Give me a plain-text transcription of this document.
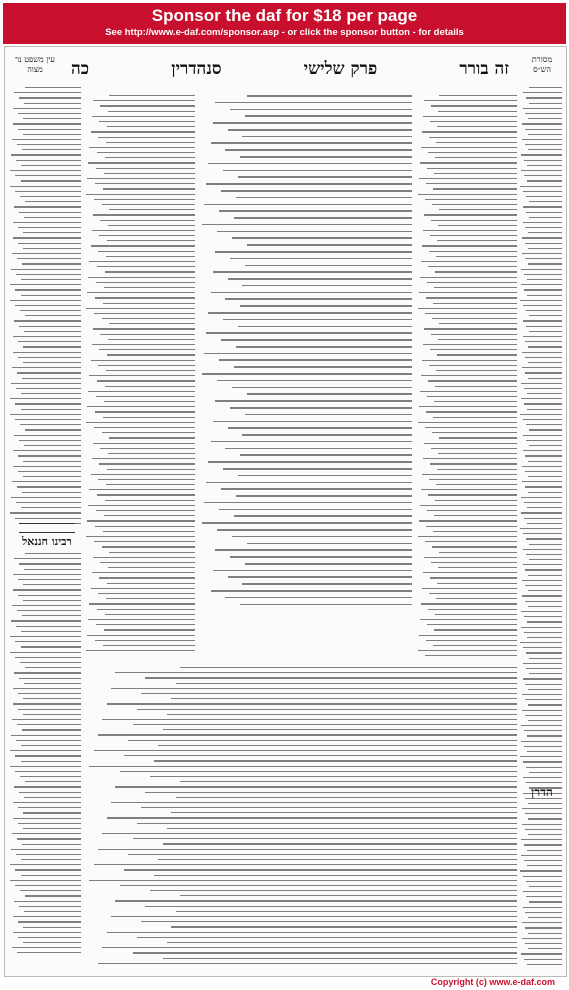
Sponsor the daf for $18 per page
See http://www.e-daf.com/sponsor.asp - or click the sponsor button - for details
זה בורר
פרק שלישי
סנהדרין
כה	מסורת הש״ס
עין משפט נר מצוה
רבינו חננאל
הדרן
Copyright (c) www.e-daf.com
